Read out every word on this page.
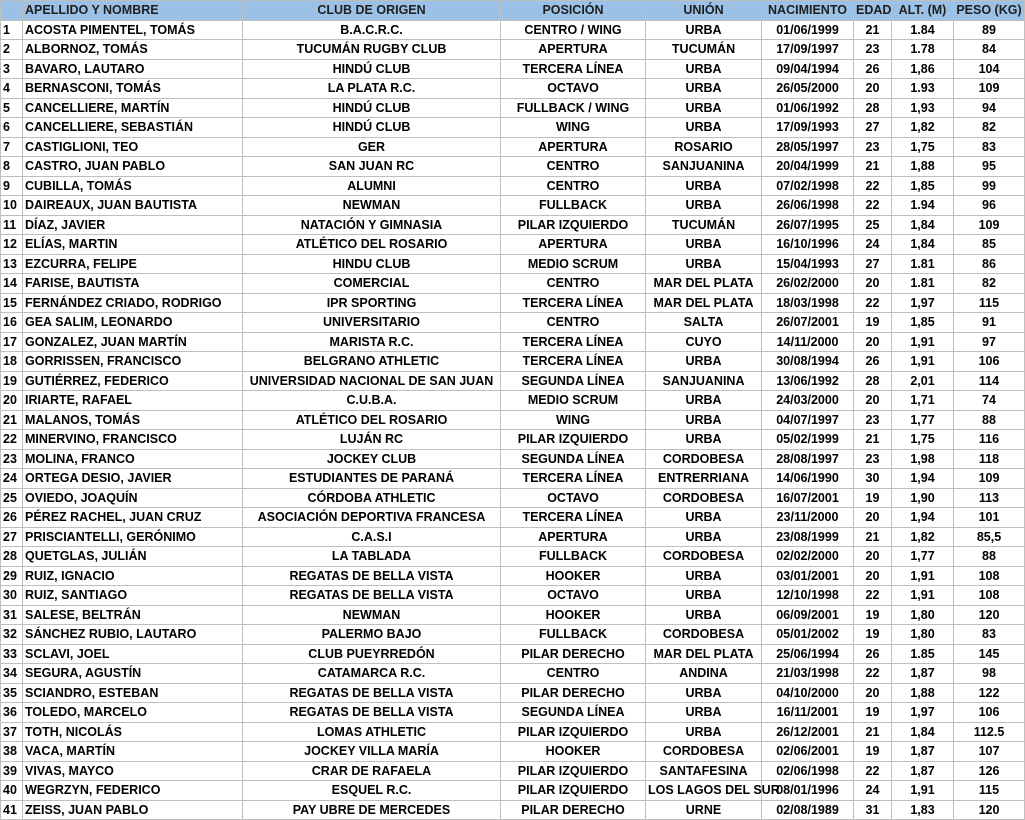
	APELLIDO Y NOMBRE	CLUB DE ORIGEN	POSICIÓN	UNIÓN	NACIMIENTO	EDAD	ALT. (M)	PESO (KG)
1	ACOSTA PIMENTEL, TOMÁS	B.A.C.R.C.	CENTRO / WING	URBA	01/06/1999	21	1.84	89
2	ALBORNOZ, TOMÁS	TUCUMÁN RUGBY CLUB	APERTURA	TUCUMÁN	17/09/1997	23	1.78	84
3	BAVARO, LAUTARO	HINDÚ CLUB	TERCERA LÍNEA	URBA	09/04/1994	26	1,86	104
4	BERNASCONI, TOMÁS	LA PLATA R.C.	OCTAVO	URBA	26/05/2000	20	1.93	109
5	CANCELLIERE, MARTÍN	HINDÚ CLUB	FULLBACK / WING	URBA	01/06/1992	28	1,93	94
6	CANCELLIERE, SEBASTIÁN	HINDÚ CLUB	WING	URBA	17/09/1993	27	1,82	82
7	CASTIGLIONI, TEO	GER	APERTURA	ROSARIO	28/05/1997	23	1,75	83
8	CASTRO, JUAN PABLO	SAN JUAN RC	CENTRO	SANJUANINA	20/04/1999	21	1,88	95
9	CUBILLA, TOMÁS	ALUMNI	CENTRO	URBA	07/02/1998	22	1,85	99
10	DAIREAUX, JUAN BAUTISTA	NEWMAN	FULLBACK	URBA	26/06/1998	22	1.94	96
11	DÍAZ, JAVIER	NATACIÓN Y GIMNASIA	PILAR IZQUIERDO	TUCUMÁN	26/07/1995	25	1,84	109
12	ELÍAS, MARTIN	ATLÉTICO DEL ROSARIO	APERTURA	URBA	16/10/1996	24	1,84	85
13	EZCURRA, FELIPE	HINDU CLUB	MEDIO SCRUM	URBA	15/04/1993	27	1.81	86
14	FARISE, BAUTISTA	COMERCIAL	CENTRO	MAR DEL PLATA	26/02/2000	20	1.81	82
15	FERNÁNDEZ CRIADO, RODRIGO	IPR SPORTING	TERCERA LÍNEA	MAR DEL PLATA	18/03/1998	22	1,97	115
16	GEA SALIM, LEONARDO	UNIVERSITARIO	CENTRO	SALTA	26/07/2001	19	1,85	91
17	GONZALEZ, JUAN MARTÍN	MARISTA R.C.	TERCERA LÍNEA	CUYO	14/11/2000	20	1,91	97
18	GORRISSEN, FRANCISCO	BELGRANO ATHLETIC	TERCERA LÍNEA	URBA	30/08/1994	26	1,91	106
19	GUTIÉRREZ, FEDERICO	UNIVERSIDAD NACIONAL DE SAN JUAN	SEGUNDA LÍNEA	SANJUANINA	13/06/1992	28	2,01	114
20	IRIARTE, RAFAEL	C.U.B.A.	MEDIO SCRUM	URBA	24/03/2000	20	1,71	74
21	MALANOS, TOMÁS	ATLÉTICO DEL ROSARIO	WING	URBA	04/07/1997	23	1,77	88
22	MINERVINO, FRANCISCO	LUJÁN RC	PILAR IZQUIERDO	URBA	05/02/1999	21	1,75	116
23	MOLINA, FRANCO	JOCKEY CLUB	SEGUNDA LÍNEA	CORDOBESA	28/08/1997	23	1,98	118
24	ORTEGA DESIO, JAVIER	ESTUDIANTES DE PARANÁ	TERCERA LÍNEA	ENTRERRIANA	14/06/1990	30	1,94	109
25	OVIEDO, JOAQUÍN	CÓRDOBA ATHLETIC	OCTAVO	CORDOBESA	16/07/2001	19	1,90	113
26	PÉREZ RACHEL, JUAN CRUZ	ASOCIACIÓN DEPORTIVA FRANCESA	TERCERA LÍNEA	URBA	23/11/2000	20	1,94	101
27	PRISCIANTELLI, GERÓNIMO	C.A.S.I	APERTURA	URBA	23/08/1999	21	1,82	85,5
28	QUETGLAS, JULIÁN	LA TABLADA	FULLBACK	CORDOBESA	02/02/2000	20	1,77	88
29	RUIZ, IGNACIO	REGATAS DE BELLA VISTA	HOOKER	URBA	03/01/2001	20	1,91	108
30	RUIZ, SANTIAGO	REGATAS DE BELLA VISTA	OCTAVO	URBA	12/10/1998	22	1,91	108
31	SALESE, BELTRÁN	NEWMAN	HOOKER	URBA	06/09/2001	19	1,80	120
32	SÁNCHEZ RUBIO, LAUTARO	PALERMO BAJO	FULLBACK	CORDOBESA	05/01/2002	19	1,80	83
33	SCLAVI, JOEL	CLUB PUEYRREDÓN	PILAR DERECHO	MAR DEL PLATA	25/06/1994	26	1.85	145
34	SEGURA, AGUSTÍN	CATAMARCA R.C.	CENTRO	ANDINA	21/03/1998	22	1,87	98
35	SCIANDRO, ESTEBAN	REGATAS DE BELLA VISTA	PILAR DERECHO	URBA	04/10/2000	20	1,88	122
36	TOLEDO, MARCELO	REGATAS DE BELLA VISTA	SEGUNDA LÍNEA	URBA	16/11/2001	19	1,97	106
37	TOTH, NICOLÁS	LOMAS ATHLETIC	PILAR IZQUIERDO	URBA	26/12/2001	21	1,84	112.5
38	VACA, MARTÍN	JOCKEY VILLA MARÍA	HOOKER	CORDOBESA	02/06/2001	19	1,87	107
39	VIVAS, MAYCO	CRAR DE RAFAELA	PILAR IZQUIERDO	SANTAFESINA	02/06/1998	22	1,87	126
40	WEGRZYN, FEDERICO	ESQUEL R.C.	PILAR IZQUIERDO	LOS LAGOS DEL SUR	08/01/1996	24	1,91	115
41	ZEISS, JUAN PABLO	PAY UBRE DE MERCEDES	PILAR DERECHO	URNE	02/08/1989	31	1,83	120
